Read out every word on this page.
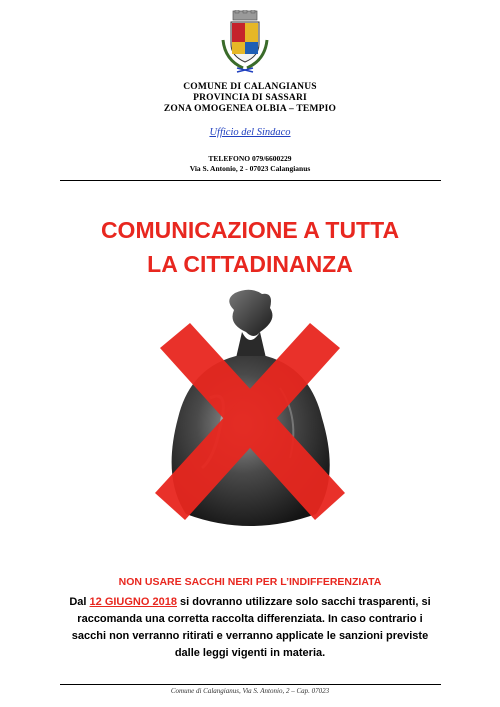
COMUNE DI CALANGIANUS
PROVINCIA DI SASSARI
ZONA OMOGENEA OLBIA – TEMPIO
Ufficio del Sindaco
TELEFONO 079/6600229
Via S. Antonio, 2 - 07023 Calangianus
COMUNICAZIONE A TUTTA
LA CITTADINANZA
NON USARE SACCHI NERI PER L’INDIFFERENZIATA
Dal 12 GIUGNO 2018 si dovranno utilizzare solo sacchi trasparenti, si raccomanda una corretta raccolta differenziata. In caso contrario i sacchi non verranno ritirati e verranno applicate le sanzioni previste dalle leggi vigenti in materia.
Comune di Calangianus, Via S. Antonio, 2 – Cap. 07023
